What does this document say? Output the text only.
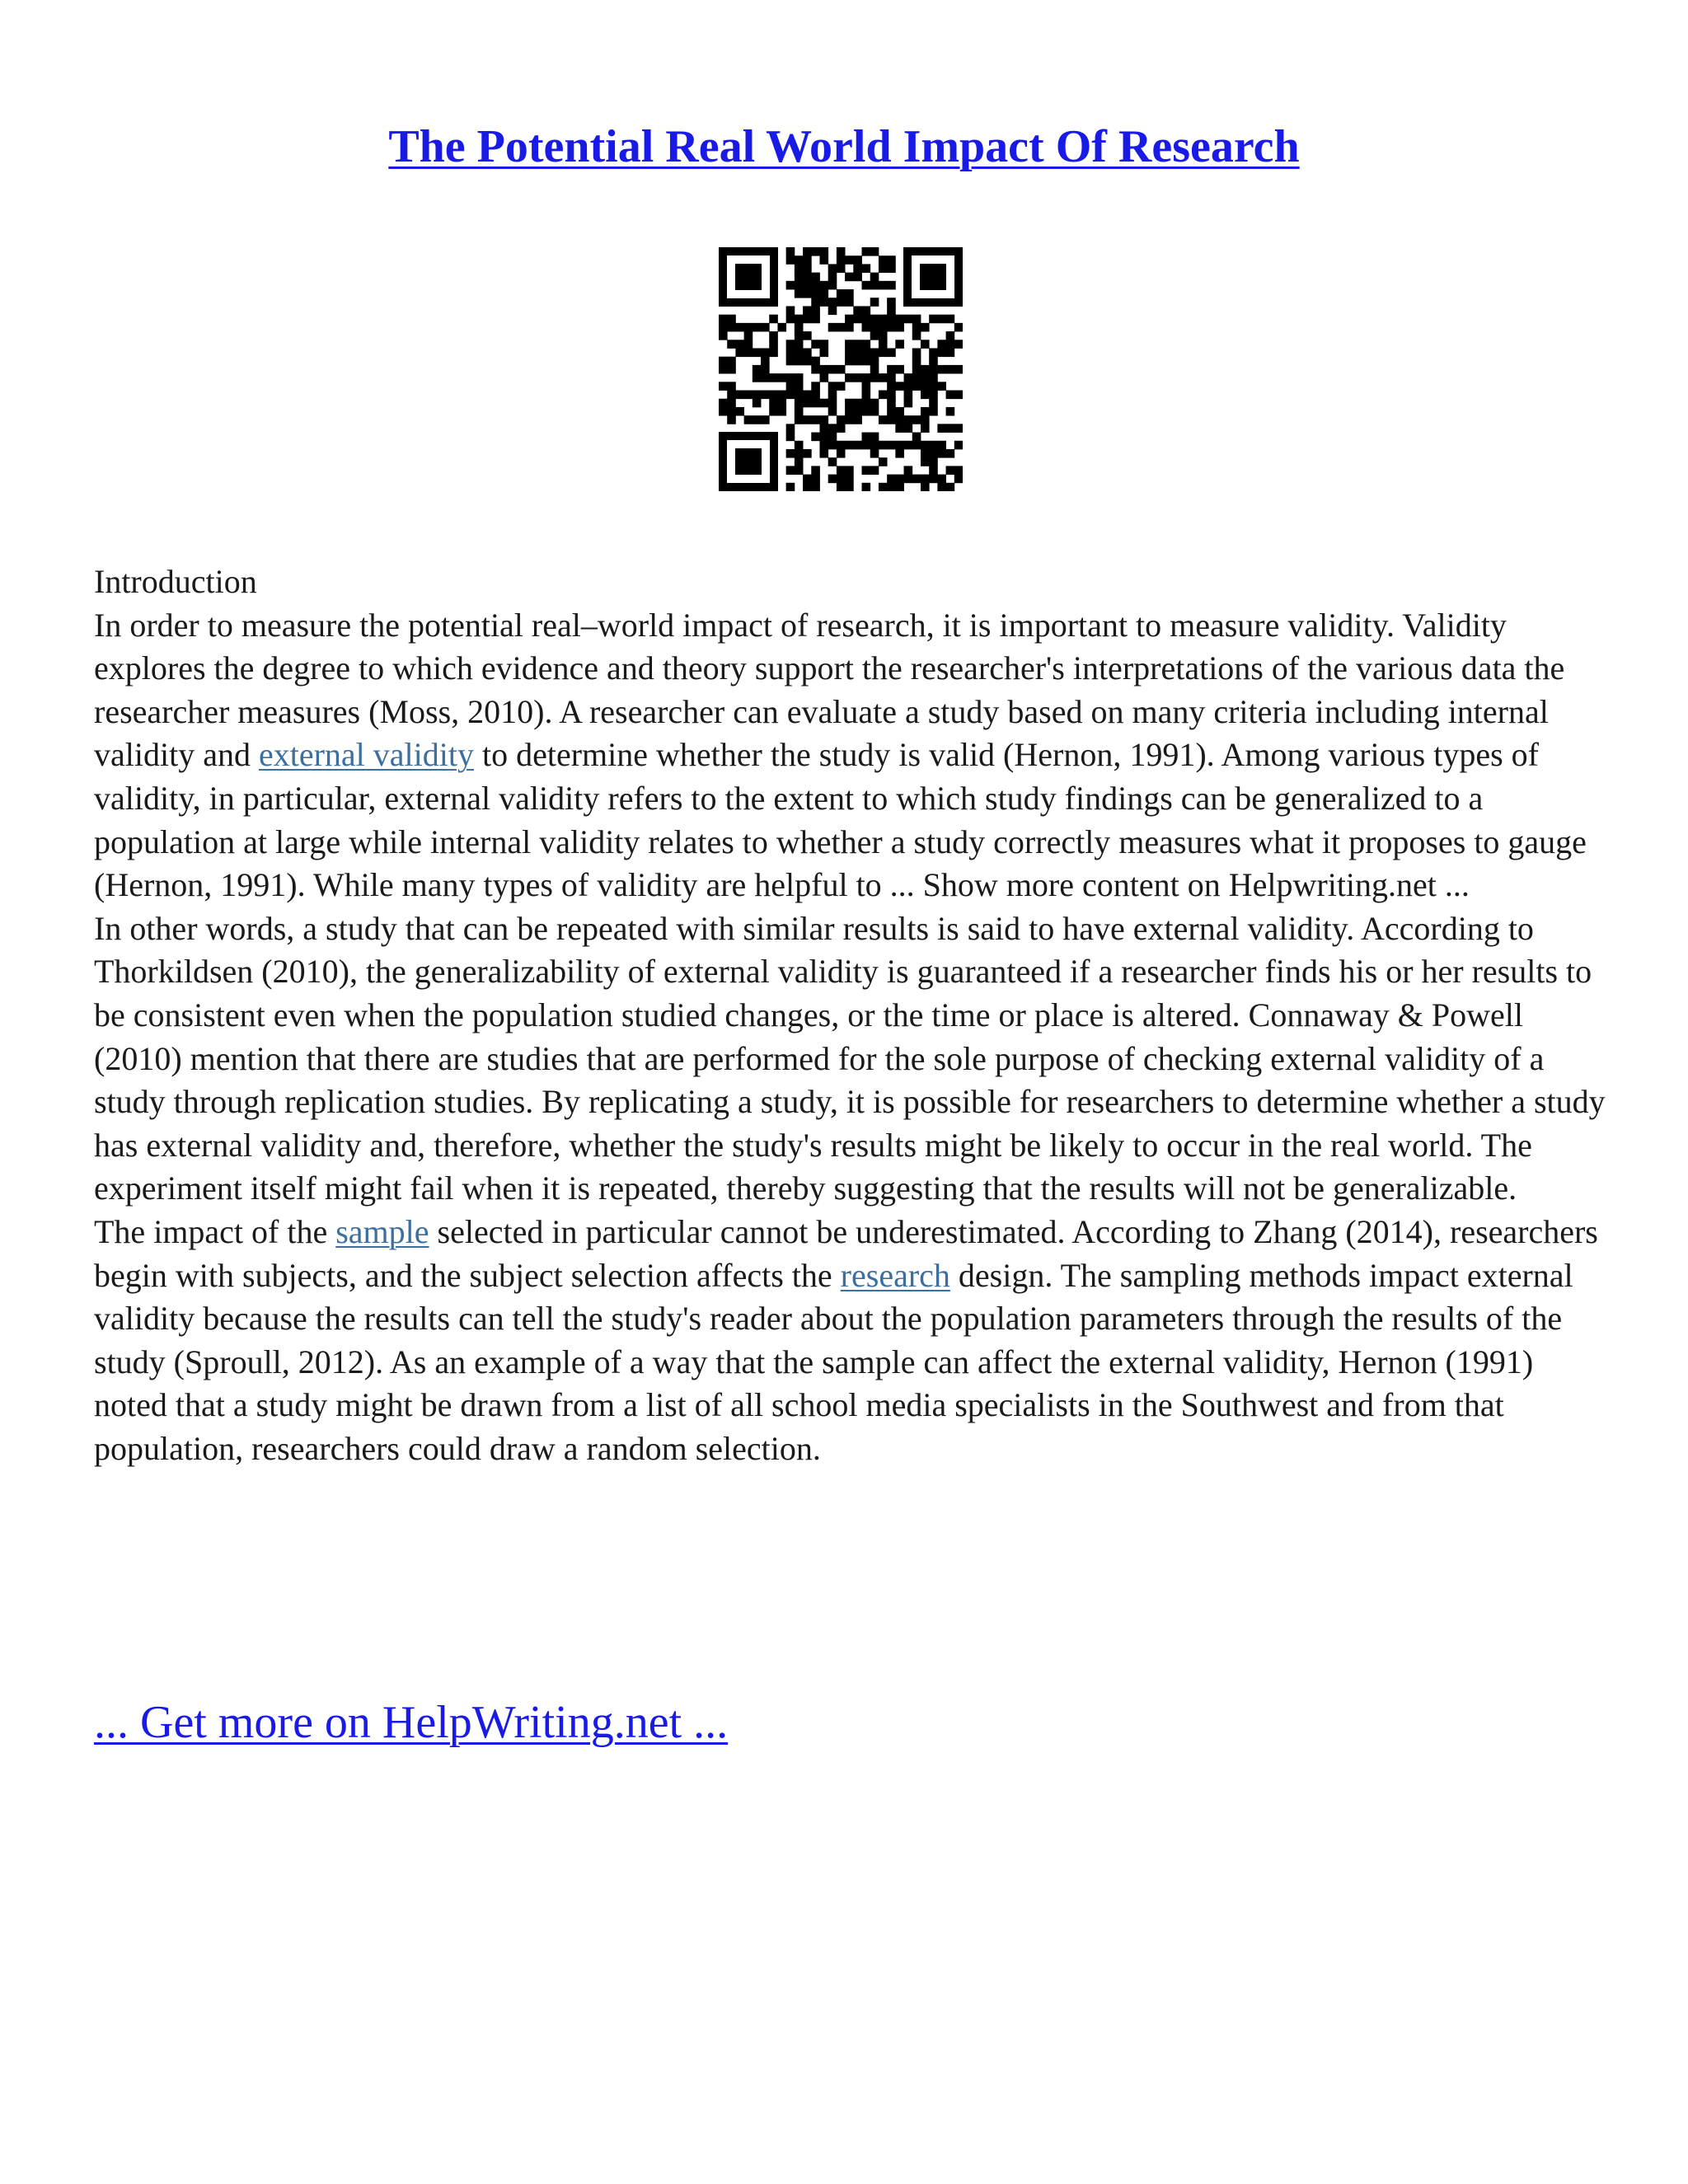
The Potential Real World Impact Of Research

Introduction

In order to measure the potential real–world impact of research, it is important to measure validity. Validity explores the degree to which evidence and theory support the researcher's interpretations of the various data the researcher measures (Moss, 2010). A researcher can evaluate a study based on many criteria including internal validity and external validity to determine whether the study is valid (Hernon, 1991). Among various types of validity, in particular, external validity refers to the extent to which study findings can be generalized to a population at large while internal validity relates to whether a study correctly measures what it proposes to gauge (Hernon, 1991). While many types of validity are helpful to ... Show more content on Helpwriting.net ...

In other words, a study that can be repeated with similar results is said to have external validity. According to Thorkildsen (2010), the generalizability of external validity is guaranteed if a researcher finds his or her results to be consistent even when the population studied changes, or the time or place is altered. Connaway & Powell (2010) mention that there are studies that are performed for the sole purpose of checking external validity of a study through replication studies. By replicating a study, it is possible for researchers to determine whether a study has external validity and, therefore, whether the study's results might be likely to occur in the real world. The experiment itself might fail when it is repeated, thereby suggesting that the results will not be generalizable.

The impact of the sample selected in particular cannot be underestimated. According to Zhang (2014), researchers begin with subjects, and the subject selection affects the research design. The sampling methods impact external validity because the results can tell the study's reader about the population parameters through the results of the study (Sproull, 2012). As an example of a way that the sample can affect the external validity, Hernon (1991) noted that a study might be drawn from a list of all school media specialists in the Southwest and from that population, researchers could draw a random selection.

... Get more on HelpWriting.net ...
